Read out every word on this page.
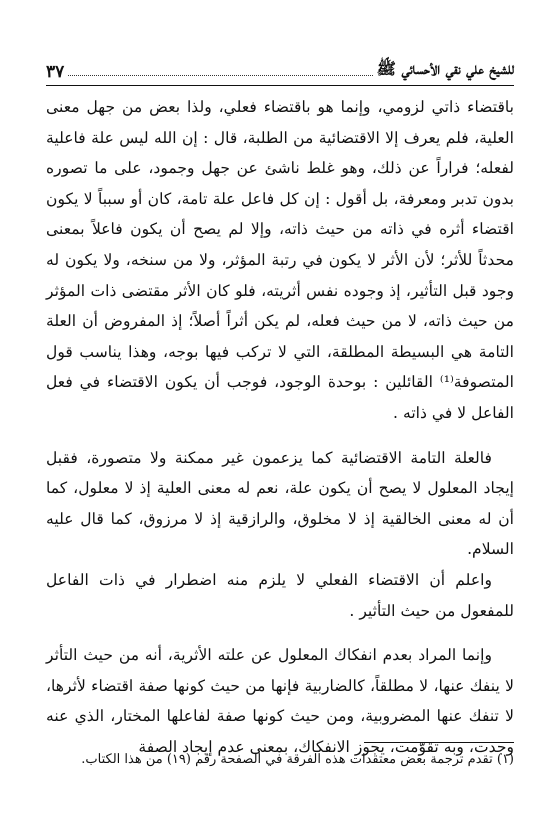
للشيخ علي نقي الأحسائي ﷺ
٣٧

باقتضاء ذاتي لزومي، وإنما هو باقتضاء فعلي، ولذا بعض من جهل معنى العلية، فلم يعرف إلا الاقتضائية من الطلبة، قال : إن الله ليس علة فاعلية لفعله؛ فراراً عن ذلك، وهو غلط ناشئ عن جهل وجمود، على ما تصوره بدون تدبر ومعرفة، بل أقول : إن كل فاعل علة تامة، كان أو سبباً لا يكون اقتضاء أثره في ذاته من حيث ذاته، وإلا لم يصح أن يكون فاعلاً بمعنى محدثاً للأثر؛ لأن الأثر لا يكون في رتبة المؤثر، ولا من سنخه، ولا يكون له وجود قبل التأثير، إذ وجوده نفس أثريته، فلو كان الأثر مقتضى ذات المؤثر من حيث ذاته، لا من حيث فعله، لم يكن أثراً أصلاً؛ إذ المفروض أن العلة التامة هي البسيطة المطلقة، التي لا تركب فيها بوجه، وهذا يناسب قول المتصوفة⁽¹⁾ القائلين : بوحدة الوجود، فوجب أن يكون الاقتضاء في فعل الفاعل لا في ذاته .

فالعلة التامة الاقتضائية كما يزعمون غير ممكنة ولا متصورة، فقبل إيجاد المعلول لا يصح أن يكون علة، نعم له معنى العلية إذ لا معلول، كما أن له معنى الخالقية إذ لا مخلوق، والرازقية إذ لا مرزوق، كما قال عليه السلام.

واعلم أن الاقتضاء الفعلي لا يلزم منه اضطرار في ذات الفاعل للمفعول من حيث التأثير .

وإنما المراد بعدم انفكاك المعلول عن علته الأثرية، أنه من حيث التأثر لا ينفك عنها، لا مطلقاً، كالضاربية فإنها من حيث كونها صفة اقتضاء لأثرها، لا تنفك عنها المضروبية، ومن حيث كونها صفة لفاعلها المختار، الذي عنه وجدت، وبه تقوّمت، يجوز الانفكاك، بمعنى عدم إيجاد الصفة

(١) تقدم ترجمة بعض معتقدات هذه الفرقة في الصفحة رقم (١٩) من هذا الكتاب.
